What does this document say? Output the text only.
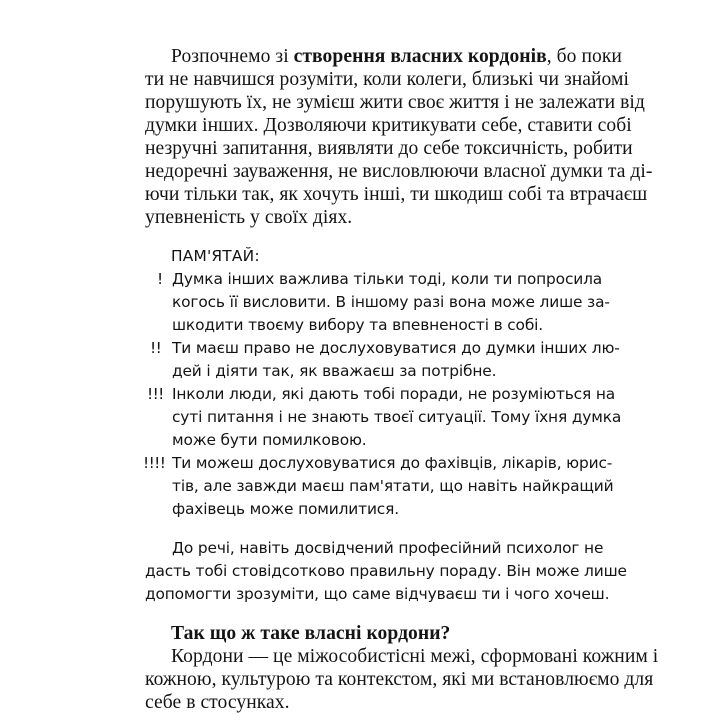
Розпочнемо зі створення власних кордонів, бо поки
ти не навчишся розуміти, коли колеги, близькі чи знайомі
порушують їх, не зумієш жити своє життя і не залежати від
думки інших. Дозволяючи критикувати себе, ставити собі
незручні запитання, виявляти до себе токсичність, робити
недоречні зауваження, не висловлюючи власної думки та ді-
ючи тільки так, як хочуть інші, ти шкодиш собі та втрачаєш
упевненість у своїх діях.
ПАМ'ЯТАЙ:
! Думка інших важлива тільки тоді, коли ти попросила
когось її висловити. В іншому разі вона може лише за-
шкодити твоєму вибору та впевненості в собі.
!! Ти маєш право не дослуховуватися до думки інших лю-
дей і діяти так, як вважаєш за потрібне.
!!! Інколи люди, які дають тобі поради, не розуміються на
суті питання і не знають твоєї ситуації. Тому їхня думка
може бути помилковою.
!!!! Ти можеш дослуховуватися до фахівців, лікарів, юрис-
тів, але завжди маєш пам'ятати, що навіть найкращий
фахівець може помилитися.
До речі, навіть досвідчений професійний психолог не
дасть тобі стовідсотково правильну пораду. Він може лише
допомогти зрозуміти, що саме відчуваєш ти і чого хочеш.
Так що ж таке власні кордони?
Кордони — це міжособистісні межі, сформовані кожним і
кожною, культурою та контекстом, які ми встановлюємо для
себе в стосунках.
